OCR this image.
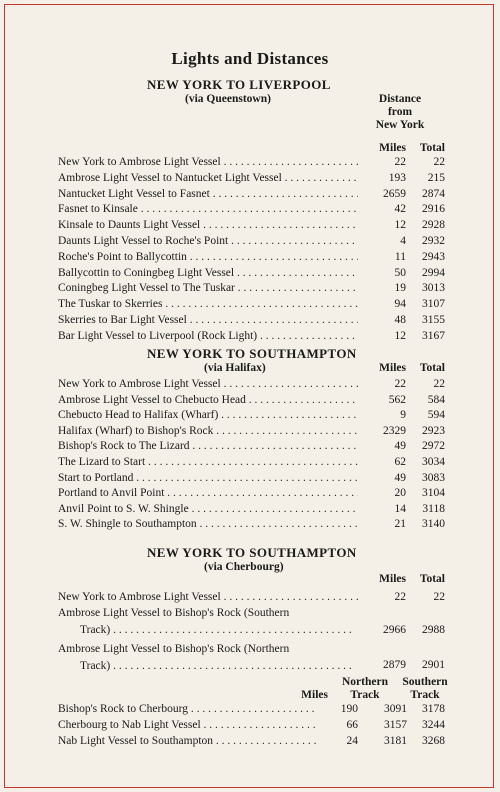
Lights and Distances
NEW YORK TO LIVERPOOL
(via Queenstown)	Distance
from
New York
Miles	Total
New York to Ambrose Light Vessel . . .	22	22
Ambrose Light Vessel to Nantucket Light Vessel . . .	193	215
Nantucket Light Vessel to Fasnet . . .	2659	2874
Fasnet to Kinsale . . .	42	2916
Kinsale to Daunts Light Vessel . . .	12	2928
Daunts Light Vessel to Roche's Point . . .	4	2932
Roche's Point to Ballycottin . . .	11	2943
Ballycottin to Coningbeg Light Vessel . . .	50	2994
Coningbeg Light Vessel to The Tuskar . . .	19	3013
The Tuskar to Skerries . . .	94	3107
Skerries to Bar Light Vessel . . .	48	3155
Bar Light Vessel to Liverpool (Rock Light) . . .	12	3167
NEW YORK TO SOUTHAMPTON
(via Halifax)	Miles	Total
New York to Ambrose Light Vessel . . .	22	22
Ambrose Light Vessel to Chebucto Head . . .	562	584
Chebucto Head to Halifax (Wharf) . . .	9	594
Halifax (Wharf) to Bishop's Rock . . .	2329	2923
Bishop's Rock to The Lizard . . .	49	2972
The Lizard to Start . . .	62	3034
Start to Portland . . .	49	3083
Portland to Anvil Point . . .	20	3104
Anvil Point to S. W. Shingle . . .	14	3118
S. W. Shingle to Southampton . . .	21	3140
NEW YORK TO SOUTHAMPTON
(via Cherbourg)
Miles	Total
New York to Ambrose Light Vessel . . .	22	22
Ambrose Light Vessel to Bishop's Rock (Southern
Track) . . .	2966	2988
Ambrose Light Vessel to Bishop's Rock (Northern
Track) . . .	2879	2901
Miles
Northern
Track
Southern
Track
Bishop's Rock to Cherbourg . . .	190	3091	3178
Cherbourg to Nab Light Vessel . . .	66	3157	3244
Nab Light Vessel to Southampton . . .	24	3181	3268
